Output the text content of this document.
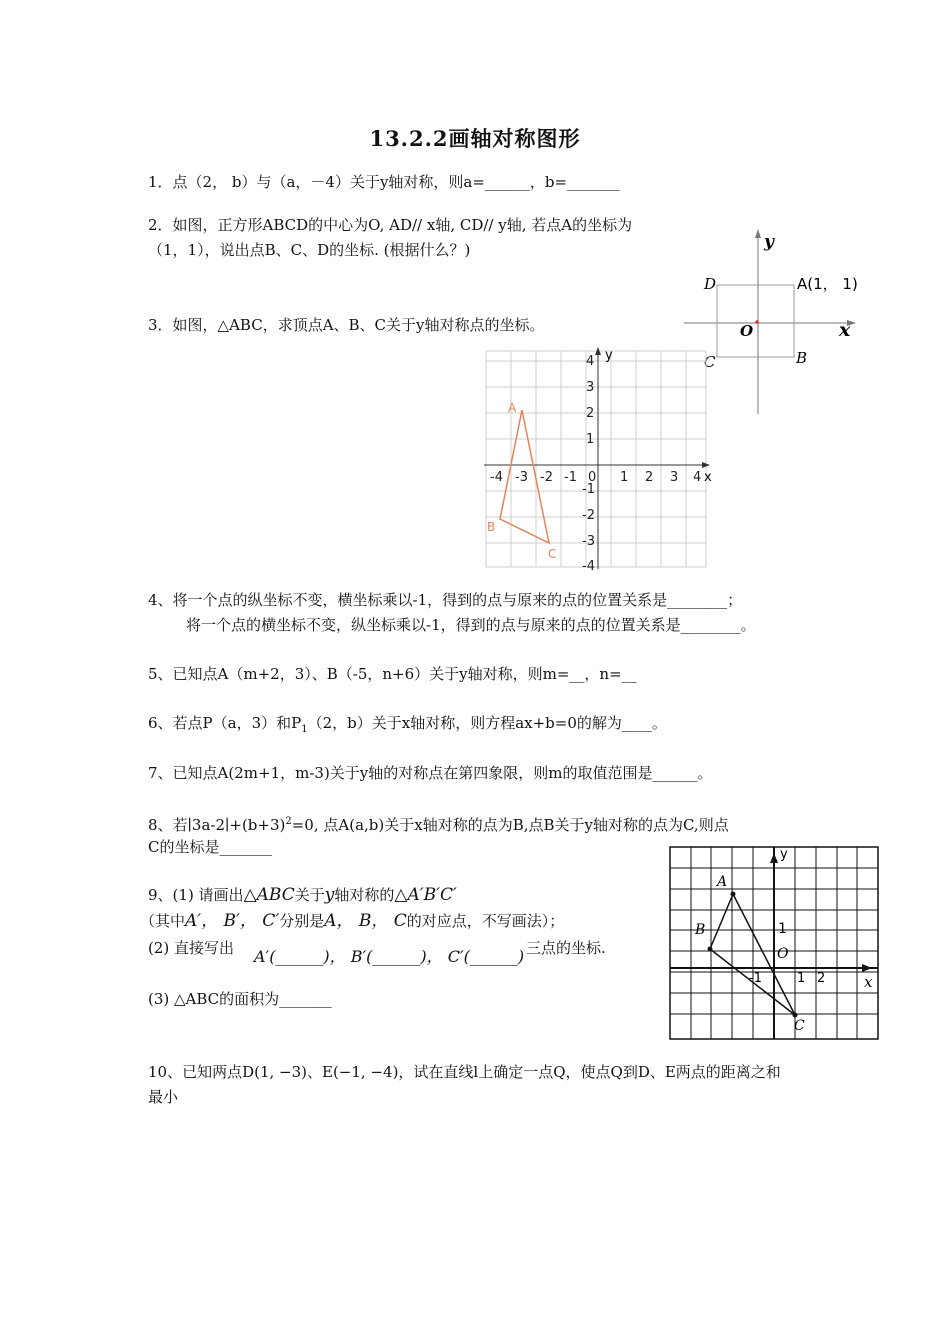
13.2.2画轴对称图形
1．点（2， b）与（a，－4）关于y轴对称，则a=______，b=_______
2．如图，正方形ABCD的中心为O, AD// x轴, CD// y轴, 若点A的坐标为
（1，1），说出点B、C、D的坐标. (根据什么？)	y
x
D	A(1， 1)
O
C	B
3．如图，△ABC，求顶点A、B、C关于y轴对称点的坐标。
x
y
4
3
2
1
-1
-2
-3
-4
-4 -3 -2 -1 0 1 2 3 4
A
B
C
4、将一个点的纵坐标不变，横坐标乘以-1，得到的点与原来的点的位置关系是________；
将一个点的横坐标不变，纵坐标乘以-1，得到的点与原来的点的位置关系是________。
5、已知点A（m+2，3）、B（-5，n+6）关于y轴对称，则m=__，n=__
6、若点P（a，3）和$P_1(2$，b）关于x轴对称，则方程ax+b=0的解为____。
7、已知点A(2m+1，m-3)关于y轴的对称点在第四象限，则m的取值范围是______。
8、若$∣3a-2∣+(b+3)^2=0$, 点A(a,b)关于x轴对称的点为B,点B关于y轴对称的点为C,则点
C的坐标是_______
9、(1) 请画出△ABC关于y轴对称的△A′B′C′
（其中A′， B′， C′分别是A， B， C的对应点，不写画法）；
(2) 直接写出 A′(______)， B′(______)， C′(______) 三点的坐标.
(3) △ABC的面积为_______
A
B
C
O
1
-1	1 2	x
y
10、已知两点D(1, −3)、E(−1, −4)，试在直线l上确定一点Q，使点Q到D、E两点的距离之和
最小
